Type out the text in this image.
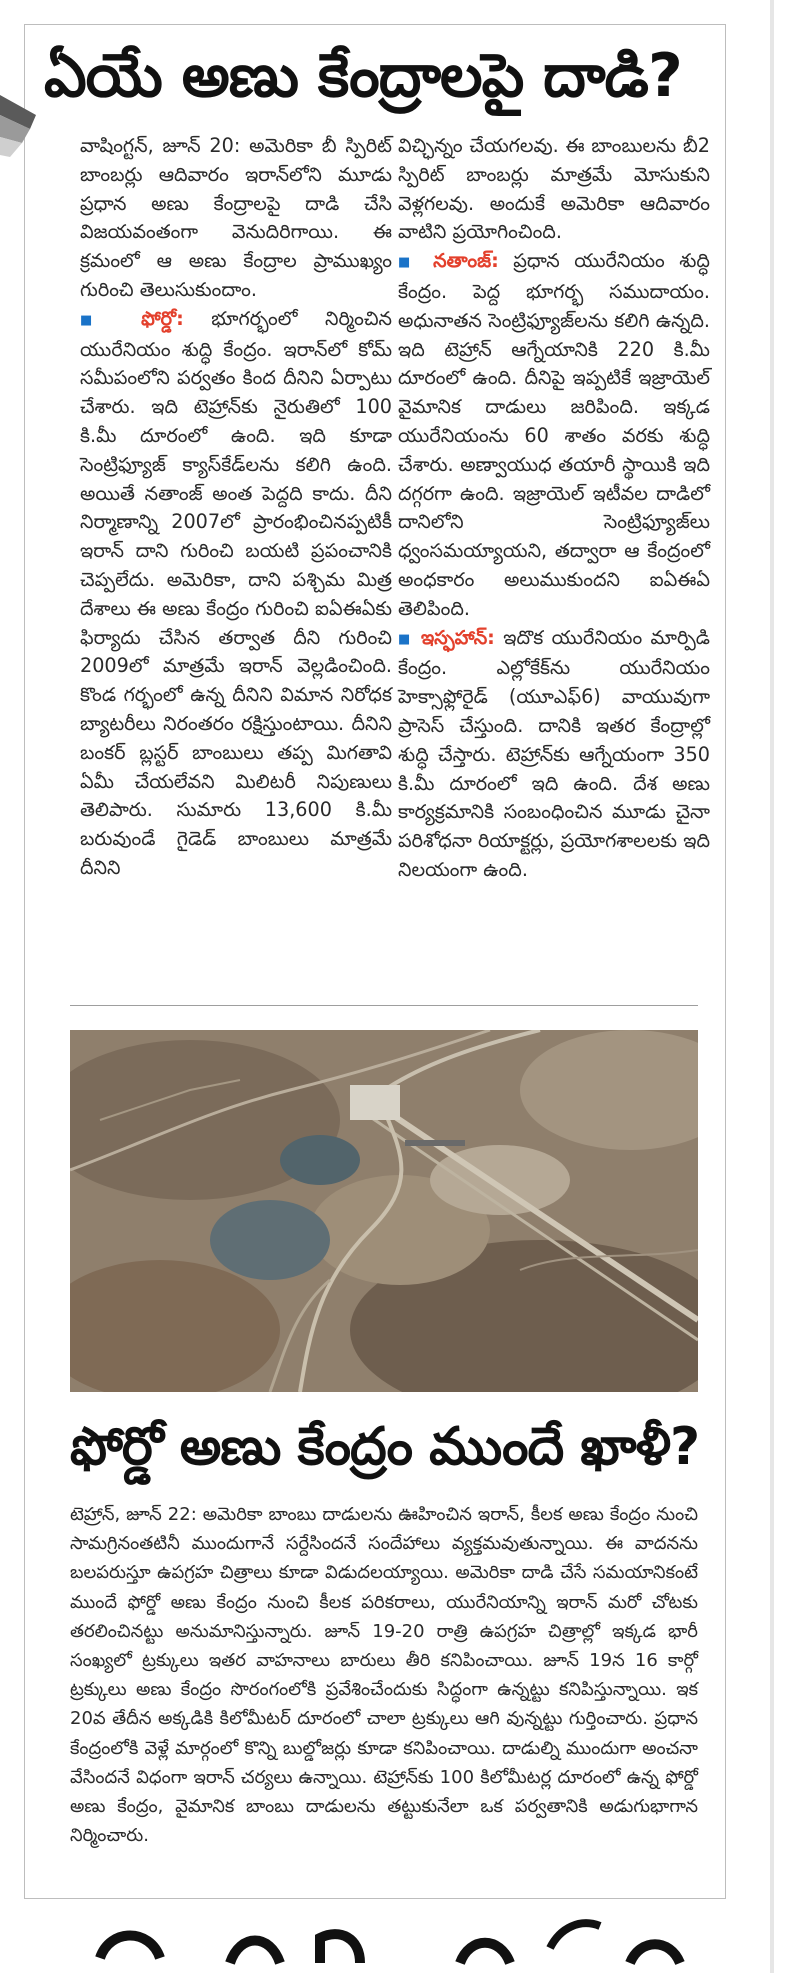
ఏయే అణు కేంద్రాలపై దాడి?

వాషింగ్టన్‌, జూన్‌ 20: అమెరికా బీ స్పిరిట్‌ బాంబర్లు ఆదివారం ఇరాన్‌లోని మూడు ప్రధాన అణు కేంద్రాలపై దాడి చేసి విజయవంతంగా వెనుదిరిగాయి. ఈ క్రమంలో ఆ అణు కేంద్రాల ప్రాముఖ్యం గురించి తెలుసుకుందాం.

■ ఫోర్డో: భూగర్భంలో నిర్మించిన యురేనియం శుద్ధి కేంద్రం. ఇరాన్‌లో కోమ్‌ సమీపంలోని పర్వతం కింద దీనిని ఏర్పాటు చేశారు. ఇది టెహ్రాన్‌కు నైరుతిలో 100 కి.మీ దూరంలో ఉంది. ఇది కూడా సెంట్రిఫ్యూజ్‌ క్యాస్‌కేడ్‌లను కలిగి ఉంది. అయితే నతాంజ్‌ అంత పెద్దది కాదు. దీని నిర్మాణాన్ని 2007లో ప్రారంభించినప్పటికీ ఇరాన్‌ దాని గురించి బయటి ప్రపంచానికి చెప్పలేదు. అమెరికా, దాని పశ్చిమ మిత్ర దేశాలు ఈ అణు కేంద్రం గురించి ఐఏఈఏకు ఫిర్యాదు చేసిన తర్వాత దీని గురించి 2009లో మాత్రమే ఇరాన్‌ వెల్లడించింది. కొండ గర్భంలో ఉన్న దీనిని విమాన నిరోధక బ్యాటరీలు నిరంతరం రక్షిస్తుంటాయి. దీనిని బంకర్‌ బ్లస్టర్‌ బాంబులు తప్ప మిగతావి ఏమీ చేయలేవని మిలిటరీ నిపుణులు తెలిపారు. సుమారు 13,600 కి.మీ బరువుండే గైడెడ్‌ బాంబులు మాత్రమే దీనిని

విచ్ఛిన్నం చేయగలవు. ఈ బాంబులను బీ2 స్పిరిట్‌ బాంబర్లు మాత్రమే మోసుకుని వెళ్లగలవు. అందుకే అమెరికా ఆదివారం వాటిని ప్రయోగించింది.

■ నతాంజ్‌: ప్రధాన యురేనియం శుద్ధి కేంద్రం. పెద్ద భూగర్భ సముదాయం. అధునాతన సెంట్రిఫ్యూజ్‌లను కలిగి ఉన్నది. ఇది టెహ్రాన్‌ ఆగ్నేయానికి 220 కి.మీ దూరంలో ఉంది. దీనిపై ఇప్పటికే ఇజ్రాయెల్‌ వైమానిక దాడులు జరిపింది. ఇక్కడ యురేనియంను 60 శాతం వరకు శుద్ధి చేశారు. అణ్వాయుధ తయారీ స్థాయికి ఇది దగ్గరగా ఉంది. ఇజ్రాయెల్‌ ఇటీవల దాడిలో దానిలోని సెంట్రిఫ్యూజ్‌లు ధ్వంసమయ్యాయని, తద్వారా ఆ కేంద్రంలో అంధకారం అలుముకుందని ఐఏఈఏ తెలిపింది.

■ ఇస్ఫహాన్‌: ఇదొక యురేనియం మార్పిడి కేంద్రం. ఎల్లోకేక్‌ను యురేనియం హెక్సాఫ్లోరైడ్‌ (యూఎఫ్‌6) వాయువుగా ప్రాసెస్‌ చేస్తుంది. దానికి ఇతర కేంద్రాల్లో శుద్ధి చేస్తారు. టెహ్రాన్‌కు ఆగ్నేయంగా 350 కి.మీ దూరంలో ఇది ఉంది. దేశ అణు కార్యక్రమానికి సంబంధించిన మూడు చైనా పరిశోధనా రియాక్టర్లు, ప్రయోగశాలలకు ఇది నిలయంగా ఉంది.

ఫోర్డో అణు కేంద్రం ముందే ఖాళీ?

టెహ్రాన్‌, జూన్‌ 22: అమెరికా బాంబు దాడులను ఊహించిన ఇరాన్‌, కీలక అణు కేంద్రం నుంచి సామగ్రినంతటినీ ముందుగానే సర్దేసిందనే సందేహాలు వ్యక్తమవుతున్నాయి. ఈ వాదనను బలపరుస్తూ ఉపగ్రహ చిత్రాలు కూడా విడుదలయ్యాయి. అమెరికా దాడి చేసే సమయానికంటే ముందే ఫోర్డో అణు కేంద్రం నుంచి కీలక పరికరాలు, యురేనియాన్ని ఇరాన్‌ మరో చోటకు తరలించినట్టు అనుమానిస్తున్నారు. జూన్‌ 19-20 రాత్రి ఉపగ్రహ చిత్రాల్లో ఇక్కడ భారీ సంఖ్యలో ట్రక్కులు ఇతర వాహనాలు బారులు తీరి కనిపించాయి. జూన్‌ 19న 16 కార్గో ట్రక్కులు అణు కేంద్రం సొరంగంలోకి ప్రవేశించేందుకు సిద్ధంగా ఉన్నట్టు కనిపిస్తున్నాయి. ఇక 20వ తేదీన అక్కడికి కిలోమీటర్‌ దూరంలో చాలా ట్రక్కులు ఆగి వున్నట్టు గుర్తించారు. ప్రధాన కేంద్రంలోకి వెళ్లే మార్గంలో కొన్ని బుల్డోజర్లు కూడా కనిపించాయి. దాడుల్ని ముందుగా అంచనా వేసిందనే విధంగా ఇరాన్‌ చర్యలు ఉన్నాయి. టెహ్రాన్‌కు 100 కిలోమీటర్ల దూరంలో ఉన్న ఫోర్డో అణు కేంద్రం, వైమానిక బాంబు దాడులను తట్టుకునేలా ఒక పర్వతానికి అడుగుభాగాన నిర్మించారు.
